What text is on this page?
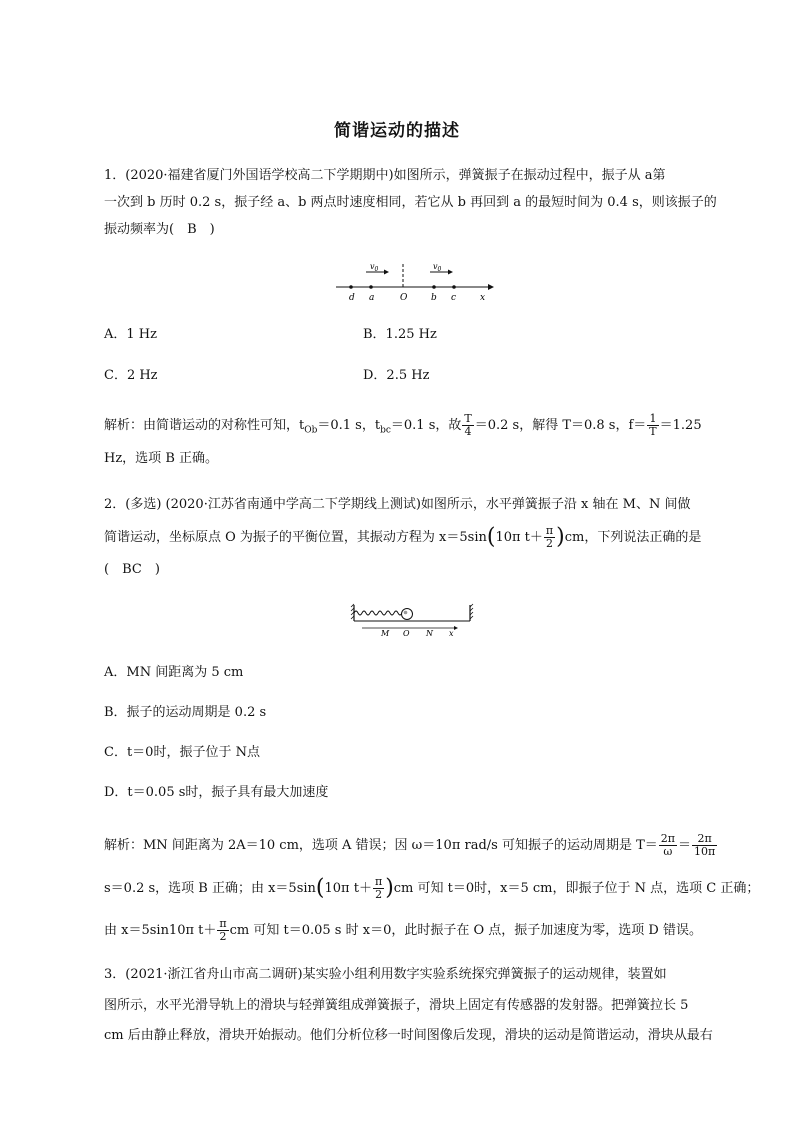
简谐运动的描述
1．(2020·福建省厦门外国语学校高二下学期期中)如图所示，弹簧振子在振动过程中，振子从 a第
一次到 b 历时 0.2 s，振子经 a、b 两点时速度相同，若它从 b 再回到 a 的最短时间为 0.4 s，则该振子的
振动频率为(　B　)
$v_0$	$v_0$
d a	O	b c	x
A．1 Hz	B．1.25 Hz
C．2 Hz	D．2.5 Hz
解析：由简谐运动的对称性可知，$t_{Ob}=0.1$ s，$t_{bc}=0.1$ s，故 $\frac{T}{4} =0.2$ s，解得 T＝0.8 s，$f= \frac{1}{T} =1.25$
Hz，选项 B 正确。
2．(多选) (2020·江苏省南通中学高二下学期线上测试)如图所示，水平弹簧振子沿 x 轴在 M、N 间做
简谐运动，坐标原点 O 为振子的平衡位置，其振动方程为 x＝5sin(10π $t+ \frac{\pi}{2} )cm$，下列说法正确的是
(　BC　)
M O N x
A．MN 间距离为 5 cm
B．振子的运动周期是 0.2 s
C．t＝0时，振子位于 N点
D．t＝0.05 s时，振子具有最大加速度
解析：MN 间距离为 2A＝10 cm，选项 A 错误；因 ω＝10π rad/s 可知振子的运动周期是 $T= \frac{2\pi}{\omega} = \frac{2\pi}{10\pi}$
s＝0.2 s，选项 B 正确；由 x＝5sin(10π $t+ \frac{\pi}{2} )cm$ 可知 t＝0时，x＝5 cm，即振子位于 N 点，选项 C 正确；
由 x＝5sin10π $t+ \frac{\pi}{2}$ cm 可知 t＝0.05 s 时 x＝0，此时振子在 O 点，振子加速度为零，选项 D 错误。
3．(2021·浙江省舟山市高二调研)某实验小组利用数字实验系统探究弹簧振子的运动规律，装置如
图所示，水平光滑导轨上的滑块与轻弹簧组成弹簧振子，滑块上固定有传感器的发射器。把弹簧拉长 5
cm 后由静止释放，滑块开始振动。他们分析位移一时间图像后发现，滑块的运动是简谐运动，滑块从最右
